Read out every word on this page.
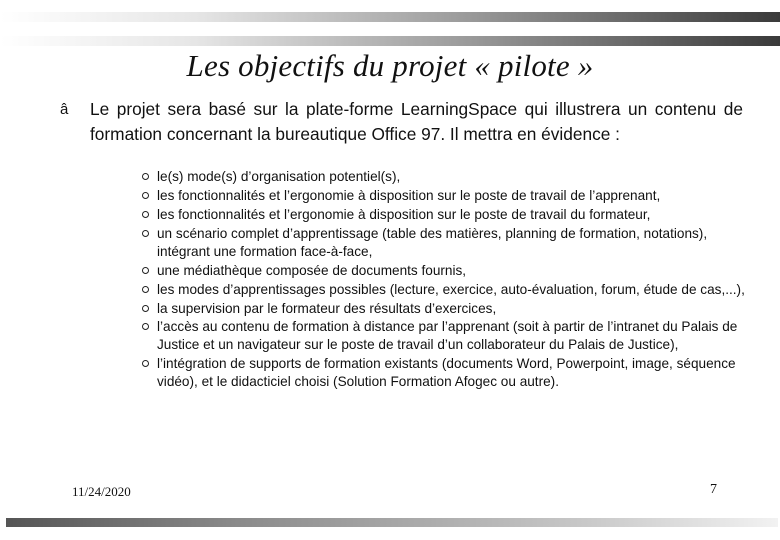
Les objectifs du projet « pilote »
â Le projet sera basé sur la plate-forme LearningSpace qui illustrera un contenu de formation concernant la bureautique Office 97. Il mettra en évidence :
le(s) mode(s) d’organisation potentiel(s),
les fonctionnalités et l’ergonomie à disposition sur le poste de travail de l’apprenant,
les fonctionnalités et l’ergonomie à disposition sur le poste de travail du formateur,
un scénario complet d’apprentissage (table des matières, planning de formation, notations), intégrant une formation face-à-face,
une médiathèque composée de documents fournis,
les modes d’apprentissages possibles (lecture, exercice, auto-évaluation, forum, étude de cas,...),
la supervision par le formateur des résultats d’exercices,
l’accès au contenu de formation à distance par l’apprenant (soit à partir de l’intranet du Palais de Justice et un navigateur sur le poste de travail d’un collaborateur du Palais de Justice),
l’intégration de supports de formation existants (documents Word, Powerpoint, image, séquence vidéo), et le didacticiel choisi (Solution Formation Afogec ou autre).
11/24/2020	7
